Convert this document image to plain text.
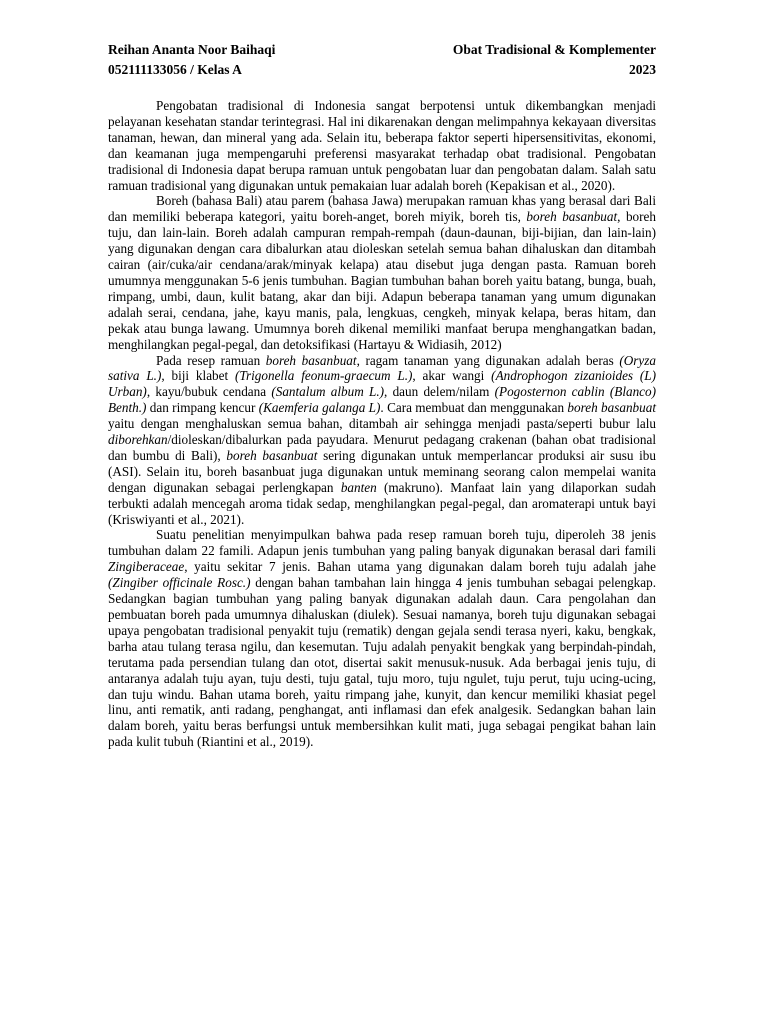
Reihan Ananta Noor Baihaqi
052111133056 / Kelas A
Obat Tradisional & Komplementer
2023

Pengobatan tradisional di Indonesia sangat berpotensi untuk dikembangkan menjadi pelayanan kesehatan standar terintegrasi. Hal ini dikarenakan dengan melimpahnya kekayaan diversitas tanaman, hewan, dan mineral yang ada. Selain itu, beberapa faktor seperti hipersensitivitas, ekonomi, dan keamanan juga mempengaruhi preferensi masyarakat terhadap obat tradisional. Pengobatan tradisional di Indonesia dapat berupa ramuan untuk pengobatan luar dan pengobatan dalam. Salah satu ramuan tradisional yang digunakan untuk pemakaian luar adalah boreh (Kepakisan et al., 2020).

Boreh (bahasa Bali) atau parem (bahasa Jawa) merupakan ramuan khas yang berasal dari Bali dan memiliki beberapa kategori, yaitu boreh-anget, boreh miyik, boreh tis, boreh basanbuat, boreh tuju, dan lain-lain. Boreh adalah campuran rempah-rempah (daun-daunan, biji-bijian, dan lain-lain) yang digunakan dengan cara dibalurkan atau dioleskan setelah semua bahan dihaluskan dan ditambah cairan (air/cuka/air cendana/arak/minyak kelapa) atau disebut juga dengan pasta. Ramuan boreh umumnya menggunakan 5-6 jenis tumbuhan. Bagian tumbuhan bahan boreh yaitu batang, bunga, buah, rimpang, umbi, daun, kulit batang, akar dan biji. Adapun beberapa tanaman yang umum digunakan adalah serai, cendana, jahe, kayu manis, pala, lengkuas, cengkeh, minyak kelapa, beras hitam, dan pekak atau bunga lawang. Umumnya boreh dikenal memiliki manfaat berupa menghangatkan badan, menghilangkan pegal-pegal, dan detoksifikasi (Hartayu & Widiasih, 2012)

Pada resep ramuan boreh basanbuat, ragam tanaman yang digunakan adalah beras (Oryza sativa L.), biji klabet (Trigonella feonum-graecum L.), akar wangi (Androphogon zizanioides (L) Urban), kayu/bubuk cendana (Santalum album L.), daun delem/nilam (Pogosternon cablin (Blanco) Benth.) dan rimpang kencur (Kaemferia galanga L). Cara membuat dan menggunakan boreh basanbuat yaitu dengan menghaluskan semua bahan, ditambah air sehingga menjadi pasta/seperti bubur lalu diborehkan/dioleskan/dibalurkan pada payudara. Menurut pedagang crakenan (bahan obat tradisional dan bumbu di Bali), boreh basanbuat sering digunakan untuk memperlancar produksi air susu ibu (ASI). Selain itu, boreh basanbuat juga digunakan untuk meminang seorang calon mempelai wanita dengan digunakan sebagai perlengkapan banten (makruno). Manfaat lain yang dilaporkan sudah terbukti adalah mencegah aroma tidak sedap, menghilangkan pegal-pegal, dan aromaterapi untuk bayi (Kriswiyanti et al., 2021).

Suatu penelitian menyimpulkan bahwa pada resep ramuan boreh tuju, diperoleh 38 jenis tumbuhan dalam 22 famili. Adapun jenis tumbuhan yang paling banyak digunakan berasal dari famili Zingiberaceae, yaitu sekitar 7 jenis. Bahan utama yang digunakan dalam boreh tuju adalah jahe (Zingiber officinale Rosc.) dengan bahan tambahan lain hingga 4 jenis tumbuhan sebagai pelengkap. Sedangkan bagian tumbuhan yang paling banyak digunakan adalah daun. Cara pengolahan dan pembuatan boreh pada umumnya dihaluskan (diulek). Sesuai namanya, boreh tuju digunakan sebagai upaya pengobatan tradisional penyakit tuju (rematik) dengan gejala sendi terasa nyeri, kaku, bengkak, barha atau tulang terasa ngilu, dan kesemutan. Tuju adalah penyakit bengkak yang berpindah-pindah, terutama pada persendian tulang dan otot, disertai sakit menusuk-nusuk. Ada berbagai jenis tuju, di antaranya adalah tuju ayan, tuju desti, tuju gatal, tuju moro, tuju ngulet, tuju perut, tuju ucing-ucing, dan tuju windu. Bahan utama boreh, yaitu rimpang jahe, kunyit, dan kencur memiliki khasiat pegel linu, anti rematik, anti radang, penghangat, anti inflamasi dan efek analgesik. Sedangkan bahan lain dalam boreh, yaitu beras berfungsi untuk membersihkan kulit mati, juga sebagai pengikat bahan lain pada kulit tubuh (Riantini et al., 2019).
